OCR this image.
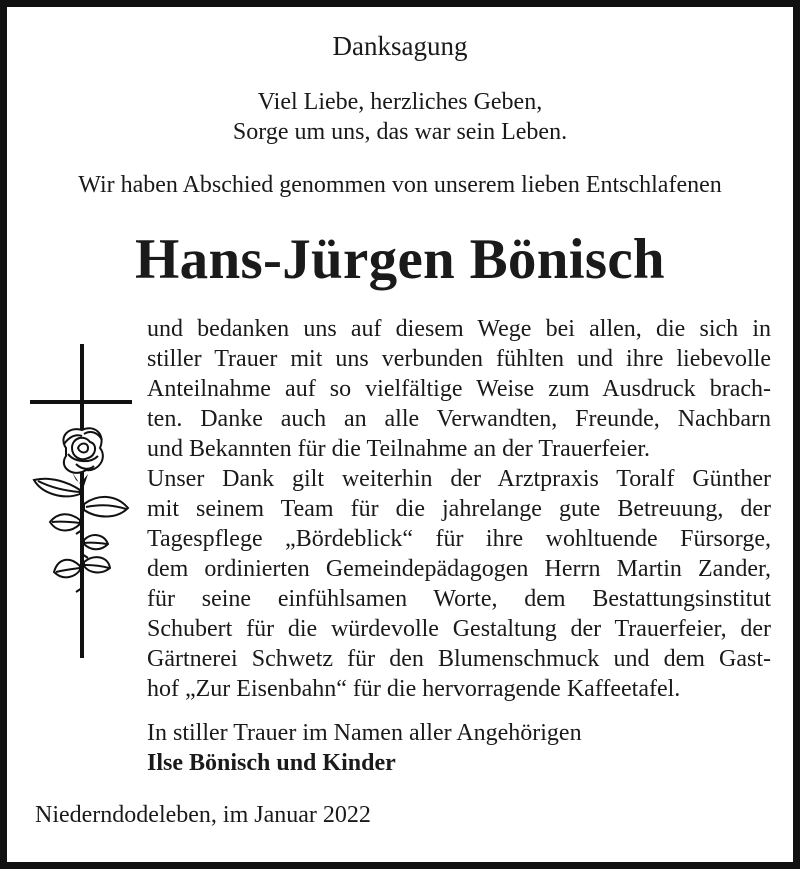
Danksagung
Viel Liebe, herzliches Geben,
Sorge um uns, das war sein Leben.
Wir haben Abschied genommen von unserem lieben Entschlafenen
Hans-Jürgen Bönisch
und bedanken uns auf diesem Wege bei allen, die sich in
stiller Trauer mit uns verbunden fühlten und ihre liebevolle
Anteilnahme auf so vielfältige Weise zum Ausdruck brach-
ten. Danke auch an alle Verwandten, Freunde, Nachbarn
und Bekannten für die Teilnahme an der Trauerfeier.
Unser Dank gilt weiterhin der Arztpraxis Toralf Günther
mit seinem Team für die jahrelange gute Betreuung, der
Tagespflege „Bördeblick“ für ihre wohltuende Fürsorge,
dem ordinierten Gemeindepädagogen Herrn Martin Zander,
für seine einfühlsamen Worte, dem Bestattungsinstitut
Schubert für die würdevolle Gestaltung der Trauerfeier, der
Gärtnerei Schwetz für den Blumenschmuck und dem Gast-
hof „Zur Eisenbahn“ für die hervorragende Kaffeetafel.
In stiller Trauer im Namen aller Angehörigen
Ilse Bönisch und Kinder
Niederndodeleben, im Januar 2022
